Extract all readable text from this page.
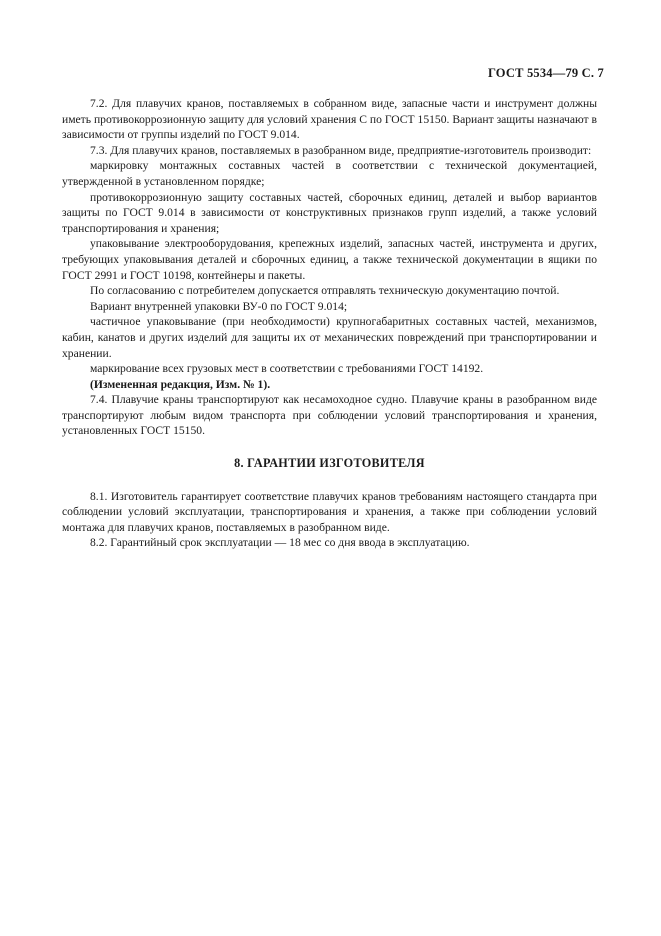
ГОСТ 5534—79 С. 7

7.2. Для плавучих кранов, поставляемых в собранном виде, запасные части и инструмент должны иметь противокоррозионную защиту для условий хранения С по ГОСТ 15150. Вариант защиты назначают в зависимости от группы изделий по ГОСТ 9.014.

7.3. Для плавучих кранов, поставляемых в разобранном виде, предприятие-изготовитель производит:

маркировку монтажных составных частей в соответствии с технической документацией, утвержденной в установленном порядке;

противокоррозионную защиту составных частей, сборочных единиц, деталей и выбор вариантов защиты по ГОСТ 9.014 в зависимости от конструктивных признаков групп изделий, а также условий транспортирования и хранения;

упаковывание электрооборудования, крепежных изделий, запасных частей, инструмента и других, требующих упаковывания деталей и сборочных единиц, а также технической документации в ящики по ГОСТ 2991 и ГОСТ 10198, контейнеры и пакеты.

По согласованию с потребителем допускается отправлять техническую документацию почтой.

Вариант внутренней упаковки ВУ-0 по ГОСТ 9.014;

частичное упаковывание (при необходимости) крупногабаритных составных частей, механизмов, кабин, канатов и других изделий для защиты их от механических повреждений при транспортировании и хранении.

маркирование всех грузовых мест в соответствии с требованиями ГОСТ 14192.

(Измененная редакция, Изм. № 1).

7.4. Плавучие краны транспортируют как несамоходное судно. Плавучие краны в разобранном виде транспортируют любым видом транспорта при соблюдении условий транспортирования и хранения, установленных ГОСТ 15150.

8. ГАРАНТИИ ИЗГОТОВИТЕЛЯ

8.1. Изготовитель гарантирует соответствие плавучих кранов требованиям настоящего стандарта при соблюдении условий эксплуатации, транспортирования и хранения, а также при соблюдении условий монтажа для плавучих кранов, поставляемых в разобранном виде.

8.2. Гарантийный срок эксплуатации — 18 мес со дня ввода в эксплуатацию.
